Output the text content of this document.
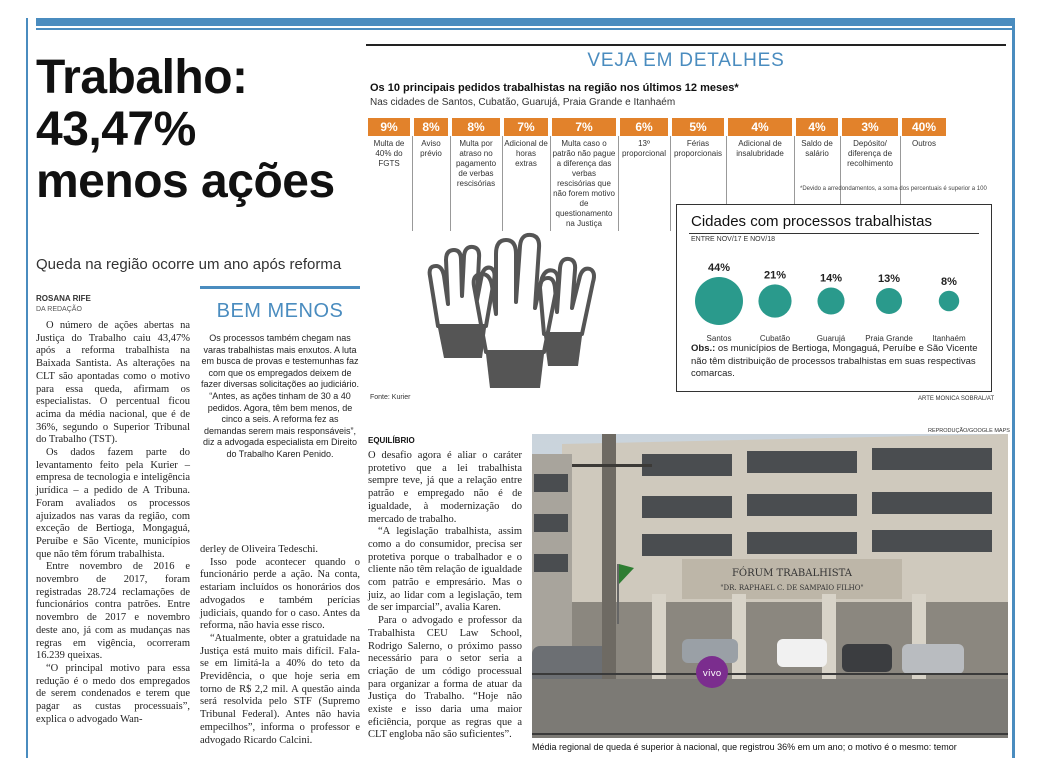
Trabalho:
43,47%
menos ações
Queda na região ocorre um ano após reforma
ROSANA RIFE
DA REDAÇÃO

O número de ações abertas na Justiça do Trabalho caiu 43,47% após a reforma trabalhista na Baixada Santista. As alterações na CLT são apontadas como o motivo para essa queda, afirmam os especialistas. O percentual ficou acima da média nacional, que é de 36%, segundo o Superior Tribunal do Trabalho (TST).

Os dados fazem parte do levantamento feito pela Kurier – empresa de tecnologia e inteligência jurídica – a pedido de A Tribuna. Foram avaliados os processos ajuizados nas varas da região, com exceção de Bertioga, Mongaguá, Peruíbe e São Vicente, municípios que não têm fórum trabalhista.

Entre novembro de 2016 e novembro de 2017, foram registradas 28.724 reclamações de funcionários contra patrões. Entre novembro de 2017 e novembro deste ano, já com as mudanças nas regras em vigência, ocorreram 16.239 queixas.

“O principal motivo para essa redução é o medo dos empregados de serem condenados e terem que pagar as custas processuais”, explica o advogado Wan-

BEM MENOS
Os processos também chegam nas varas trabalhistas mais enxutos. A luta em busca de provas e testemunhas faz com que os empregados deixem de fazer diversas solicitações ao judiciário. “Antes, as ações tinham de 30 a 40 pedidos. Agora, têm bem menos, de cinco a seis. A reforma fez as demandas serem mais responsáveis”, diz a advogada especialista em Direito do Trabalho Karen Penido.

derley de Oliveira Tedeschi.

Isso pode acontecer quando o funcionário perde a ação. Na conta, estariam incluídos os honorários dos advogados e também perícias judiciais, quando for o caso. Antes da reforma, não havia esse risco.

“Atualmente, obter a gratuidade na Justiça está muito mais difícil. Fala-se em limitá-la a 40% do teto da Previdência, o que hoje seria em torno de R$ 2,2 mil. A questão ainda será resolvida pelo STF (Supremo Tribunal Federal). Antes não havia empecilhos”, informa o professor e advogado Ricardo Calcini.

VEJA EM DETALHES
Os 10 principais pedidos trabalhistas na região nos últimos 12 meses*
Nas cidades de Santos, Cubatão, Guarujá, Praia Grande e Itanhaém
9%
Multa de 40% do FGTS
8%
Aviso prévio
8%
Multa por atraso no pagamento de verbas rescisórias
7%
Adicional de horas extras
7%
Multa caso o patrão não pague a diferença das verbas rescisórias que não forem motivo de questionamento na Justiça
6%
13º proporcional
5%
Férias proporcionais
4%
Adicional de insalubridade
4%
Saldo de salário
3%
Depósito/ diferença de recolhimento
40%
Outros
*Devido a arredondamentos, a soma dos percentuais é superior a 100
Fonte: Kurier
Cidades com processos trabalhistas
ENTRE NOV/17 E NOV/18
44%
Santos
21%
Cubatão
14%
Guarujá
13%
Praia Grande
8%
Itanhaém
Obs.: os municípios de Bertioga, Mongaguá, Peruíbe e São Vicente não têm distribuição de processos trabalhistas em suas respectivas comarcas.
ARTE MONICA SOBRAL/AT
EQUILÍBRIO

O desafio agora é aliar o caráter protetivo que a lei trabalhista sempre teve, já que a relação entre patrão e empregado não é de igualdade, à modernização do mercado de trabalho.

“A legislação trabalhista, assim como a do consumidor, precisa ser protetiva porque o trabalhador e o cliente não têm relação de igualdade com patrão e empresário. Mas o juiz, ao lidar com a legislação, tem de ser imparcial”, avalia Karen.

Para o advogado e professor da Trabalhista CEU Law School, Rodrigo Salerno, o próximo passo necessário para o setor seria a criação de um código processual para organizar a forma de atuar da Justiça do Trabalho. “Hoje não existe e isso daria uma maior eficiência, porque as regras que a CLT engloba não são suficientes”.

REPRODUÇÃO/GOOGLE MAPS
FÓRUM TRABALHISTA
"DR. RAPHAEL C. DE SAMPAIO FILHO"
vivo
Média regional de queda é superior à nacional, que registrou 36% em um ano; o motivo é o mesmo: temor
